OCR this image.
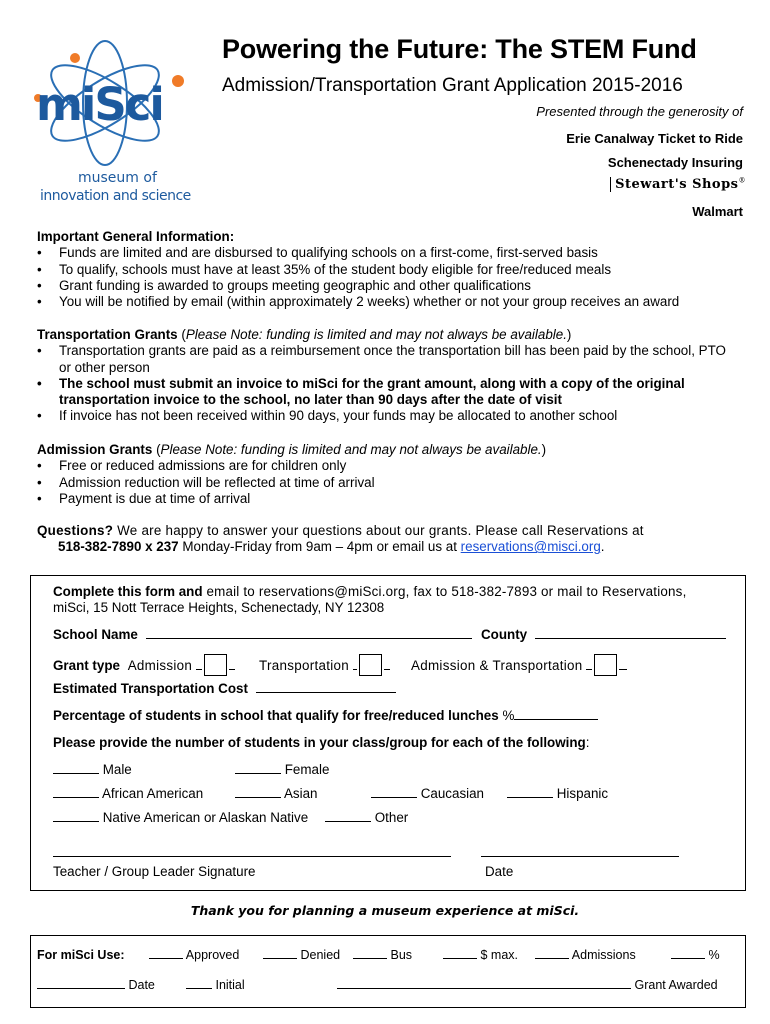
miSci
museum of
innovation and science
Powering the Future: The STEM Fund
Admission/Transportation Grant Application 2015-2016
Presented through the generosity of
Erie Canalway Ticket to Ride
Schenectady Insuring
Stewart's Shops®
Walmart
Important General Information:
• Funds are limited and are disbursed to qualifying schools on a first-come, first-served basis
• To qualify, schools must have at least 35% of the student body eligible for free/reduced meals
• Grant funding is awarded to groups meeting geographic and other qualifications
• You will be notified by email (within approximately 2 weeks) whether or not your group receives an award
Transportation Grants (Please Note: funding is limited and may not always be available.)
• Transportation grants are paid as a reimbursement once the transportation bill has been paid by the school, PTO or other person
• The school must submit an invoice to miSci for the grant amount, along with a copy of the original transportation invoice to the school, no later than 90 days after the date of visit
• If invoice has not been received within 90 days, your funds may be allocated to another school
Admission Grants (Please Note: funding is limited and may not always be available.)
• Free or reduced admissions are for children only
• Admission reduction will be reflected at time of arrival
• Payment is due at time of arrival
Questions? We are happy to answer your questions about our grants. Please call Reservations at
518-382-7890 x 237 Monday-Friday from 9am – 4pm or email us at reservations@misci.org.
Complete this form and email to reservations@miSci.org, fax to 518-382-7893 or mail to Reservations,
miSci, 15 Nott Terrace Heights, Schenectady, NY 12308
School Name	County
Grant type Admission	Transportation	Admission & Transportation
Estimated Transportation Cost
Percentage of students in school that qualify for free/reduced lunches %
Please provide the number of students in your class/group for each of the following:
Male	Female
African American	Asian	Caucasian	Hispanic
Native American or Alaskan Native	Other
Teacher / Group Leader Signature	Date
Thank you for planning a museum experience at miSci.
For miSci Use:	Approved	Denied	Bus	$ max.	Admissions	%
Date	Initial	Grant Awarded
